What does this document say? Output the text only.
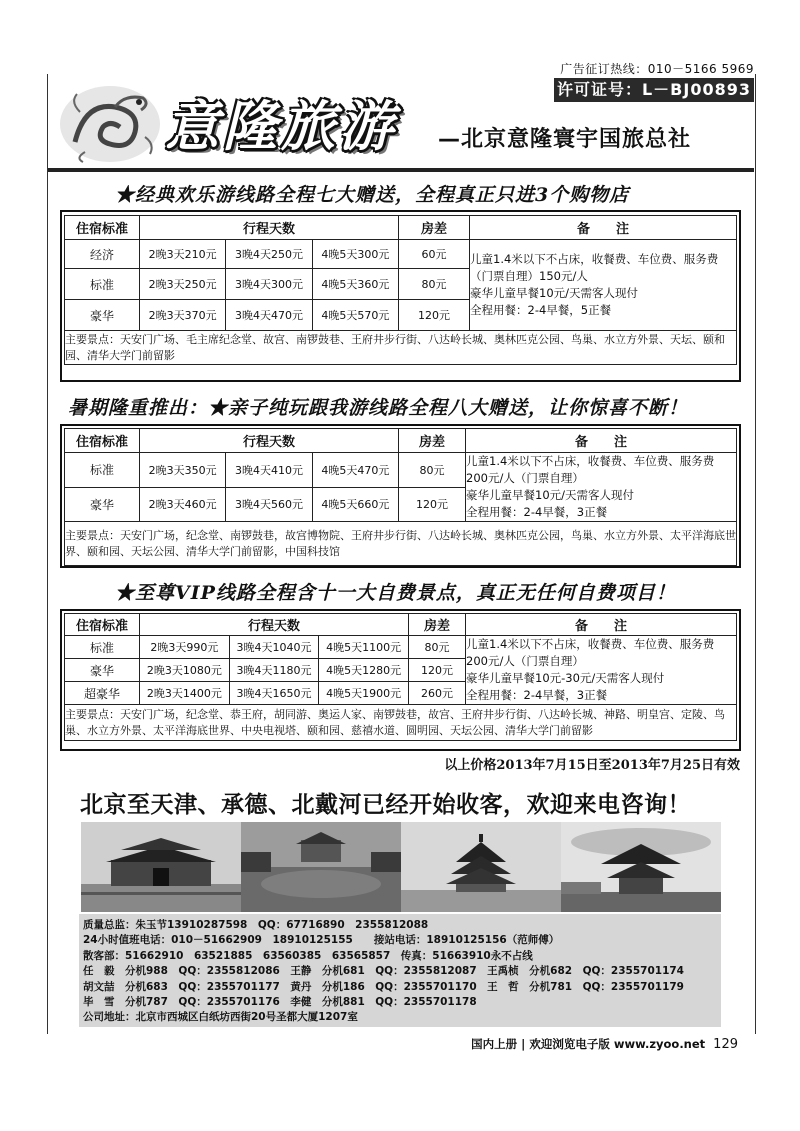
广告征订热线：010－5166 5969
许可证号：L－BJ00893
意隆旅游 —北京意隆寰宇国旅总社
★经典欢乐游线路全程七大赠送，全程真正只进3个购物店
住宿标准	行程天数			房差	备　　注
经济	2晚3天210元	3晚4天250元	4晚5天300元	60元	儿童1.4米以下不占床，收餐费、车位费、服务费（门票自理）150元/人
豪华儿童早餐10元/天需客人现付
全程用餐：2-4早餐，5正餐

标准	2晚3天250元	3晚4天300元	4晚5天360元	80元	
豪华	2晚3天370元	3晚4天470元	4晚5天570元	120元	
主要景点：天安门广场、毛主席纪念堂、故宫、南锣鼓巷、王府井步行街、八达岭长城、奥林匹克公园、鸟巢、水立方外景、天坛、颐和园、清华大学门前留影					
暑期隆重推出：★亲子纯玩跟我游线路全程八大赠送，让你惊喜不断！
住宿标准	行程天数			房差	备　　注
标准	2晚3天350元	3晚4天410元	4晚5天470元	80元	儿童1.4米以下不占床，收餐费、车位费、服务费200元/人（门票自理）
豪华儿童早餐10元/天需客人现付
全程用餐：2-4早餐，3正餐

豪华	2晚3天460元	3晚4天560元	4晚5天660元	120元	
主要景点：天安门广场，纪念堂、南锣鼓巷，故宫博物院、王府井步行街、八达岭长城、奥林匹克公园，鸟巢、水立方外景、太平洋海底世界、颐和园、天坛公园、清华大学门前留影，中国科技馆					
★至尊VIP线路全程含十一大自费景点，真正无任何自费项目！
住宿标准	行程天数			房差	备　　注
标准	2晚3天990元	3晚4天1040元	4晚5天1100元	80元	儿童1.4米以下不占床，收餐费、车位费、服务费200元/人（门票自理）
豪华儿童早餐10元-30元/天需客人现付
全程用餐：2-4早餐，3正餐

豪华	2晚3天1080元	3晚4天1180元	4晚5天1280元	120元	
超豪华	2晚3天1400元	3晚4天1650元	4晚5天1900元	260元	
主要景点：天安门广场，纪念堂、恭王府，胡同游、奥运人家、南锣鼓巷，故宫、王府井步行街、八达岭长城、神路、明皇宫、定陵、鸟巢、水立方外景、太平洋海底世界、中央电视塔、颐和园、慈禧水道、圆明园、天坛公园、清华大学门前留影					
以上价格2013年7月15日至2013年7月25日有效
北京至天津、承德、北戴河已经开始收客，欢迎来电咨询！
质量总监：朱玉节13910287598　QQ：67716890　2355812088
24小时值班电话：010－51662909　18910125155　　接站电话：18910125156（范师傅）
散客部：51662910　63521885　63560385　63565857　传真：51663910永不占线
任　毅　分机988　QQ：2355812086　王静　分机681　QQ：2355812087　王禹桢　分机682　QQ：2355701174
胡文喆　分机683　QQ：2355701177　黄丹　分机186　QQ：2355701170　王　哲　分机781　QQ：2355701179
毕　雪　分机787　QQ：2355701176　李健　分机881　QQ：2355701178
公司地址：北京市西城区白纸坊西街20号圣都大厦1207室
国内上册 | 欢迎浏览电子版 www.zyoo.net 129
